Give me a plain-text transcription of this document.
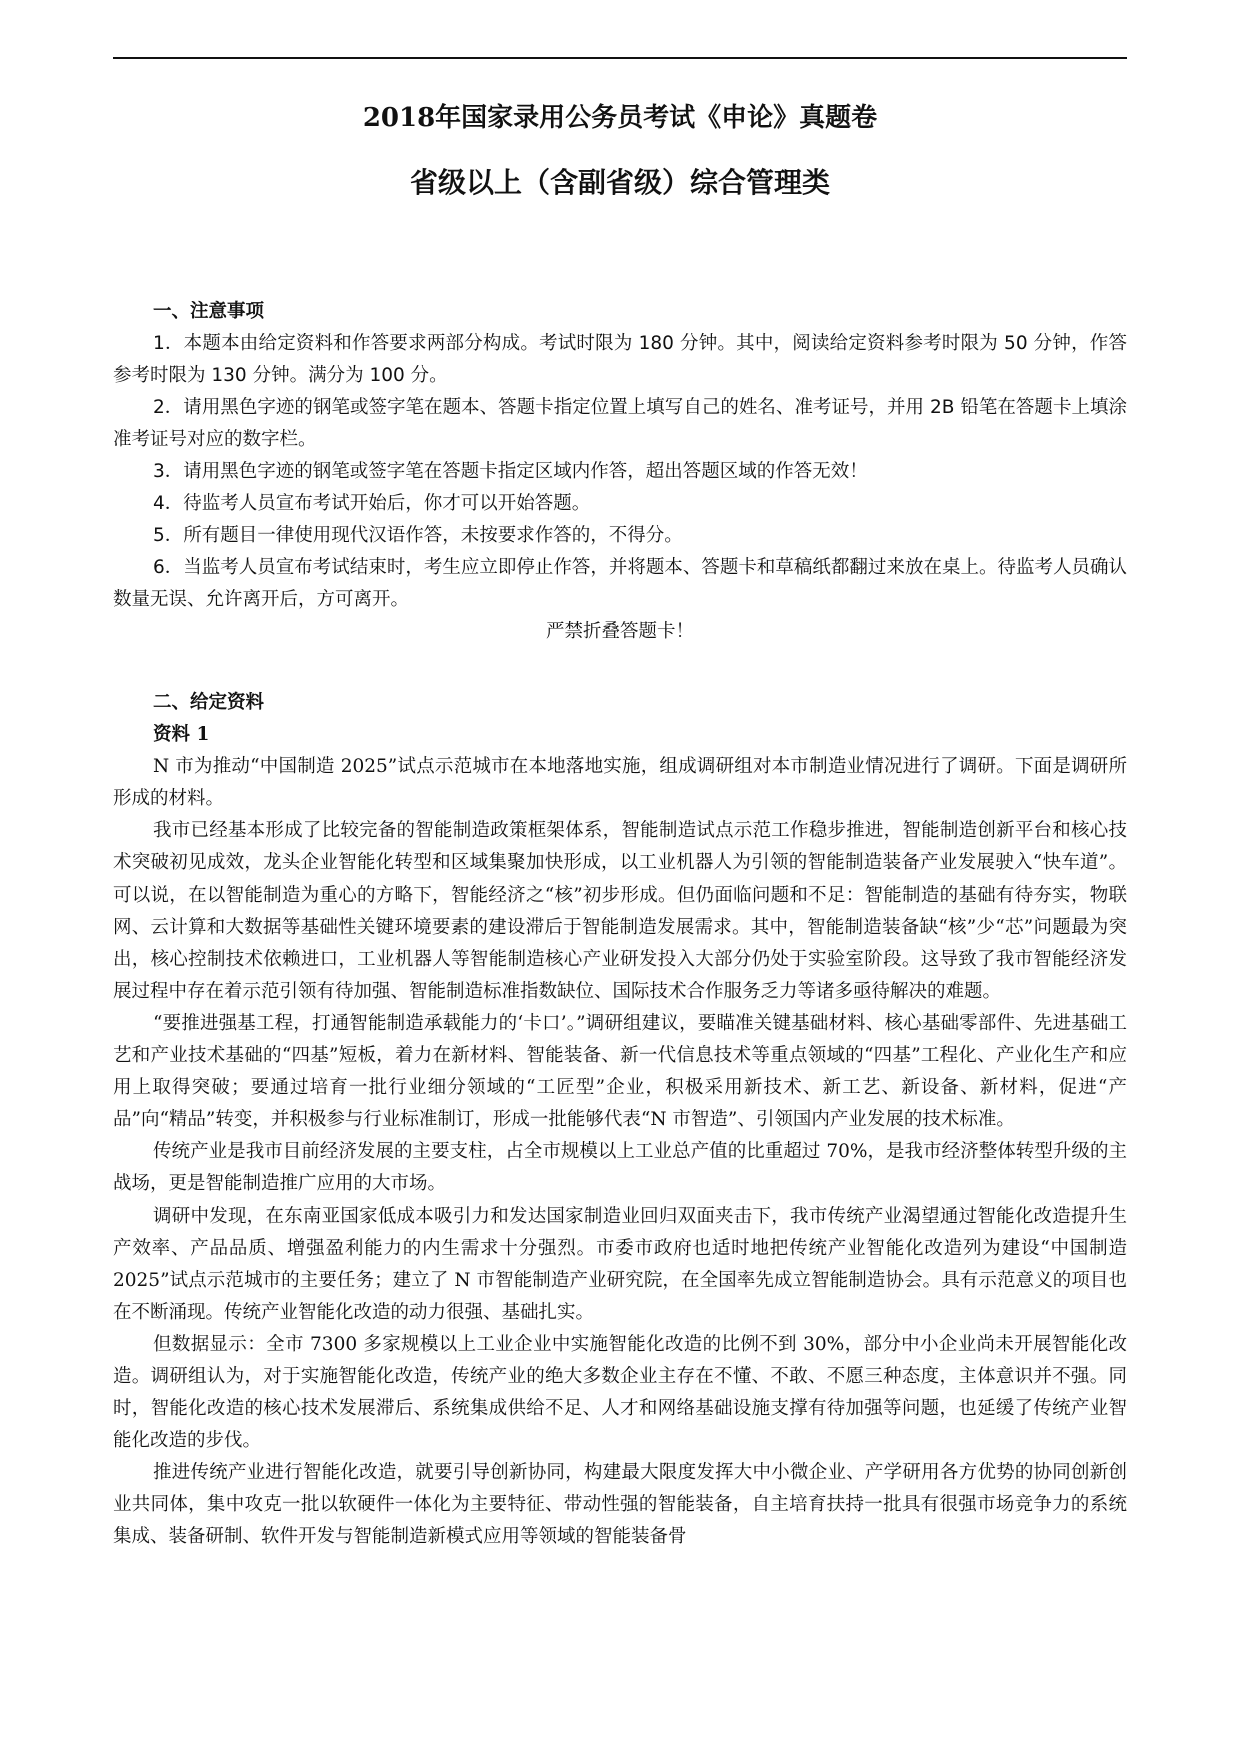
2018年国家录用公务员考试《申论》真题卷
省级以上（含副省级）综合管理类
一、注意事项

1．本题本由给定资料和作答要求两部分构成。考试时限为 180 分钟。其中，阅读给定资料参考时限为 50 分钟，作答参考时限为 130 分钟。满分为 100 分。

2．请用黑色字迹的钢笔或签字笔在题本、答题卡指定位置上填写自己的姓名、准考证号，并用 2B 铅笔在答题卡上填涂准考证号对应的数字栏。

3．请用黑色字迹的钢笔或签字笔在答题卡指定区域内作答，超出答题区域的作答无效！

4．待监考人员宣布考试开始后，你才可以开始答题。

5．所有题目一律使用现代汉语作答，未按要求作答的，不得分。

6．当监考人员宣布考试结束时，考生应立即停止作答，并将题本、答题卡和草稿纸都翻过来放在桌上。待监考人员确认数量无误、允许离开后，方可离开。

严禁折叠答题卡！

二、给定资料

资料 1

N 市为推动“中国制造 2025”试点示范城市在本地落地实施，组成调研组对本市制造业情况进行了调研。下面是调研所形成的材料。

我市已经基本形成了比较完备的智能制造政策框架体系，智能制造试点示范工作稳步推进，智能制造创新平台和核心技术突破初见成效，龙头企业智能化转型和区域集聚加快形成，以工业机器人为引领的智能制造装备产业发展驶入“快车道”。可以说，在以智能制造为重心的方略下，智能经济之“核”初步形成。但仍面临问题和不足：智能制造的基础有待夯实，物联网、云计算和大数据等基础性关键环境要素的建设滞后于智能制造发展需求。其中，智能制造装备缺“核”少“芯”问题最为突出，核心控制技术依赖进口，工业机器人等智能制造核心产业研发投入大部分仍处于实验室阶段。这导致了我市智能经济发展过程中存在着示范引领有待加强、智能制造标准指数缺位、国际技术合作服务乏力等诸多亟待解决的难题。

“要推进强基工程，打通智能制造承载能力的‘卡口’。”调研组建议，要瞄准关键基础材料、核心基础零部件、先进基础工艺和产业技术基础的“四基”短板，着力在新材料、智能装备、新一代信息技术等重点领域的“四基”工程化、产业化生产和应用上取得突破；要通过培育一批行业细分领域的“工匠型”企业，积极采用新技术、新工艺、新设备、新材料，促进“产品”向“精品”转变，并积极参与行业标准制订，形成一批能够代表“N 市智造”、引领国内产业发展的技术标准。

传统产业是我市目前经济发展的主要支柱，占全市规模以上工业总产值的比重超过 70%，是我市经济整体转型升级的主战场，更是智能制造推广应用的大市场。

调研中发现，在东南亚国家低成本吸引力和发达国家制造业回归双面夹击下，我市传统产业渴望通过智能化改造提升生产效率、产品品质、增强盈利能力的内生需求十分强烈。市委市政府也适时地把传统产业智能化改造列为建设“中国制造 2025”试点示范城市的主要任务；建立了 N 市智能制造产业研究院，在全国率先成立智能制造协会。具有示范意义的项目也在不断涌现。传统产业智能化改造的动力很强、基础扎实。

但数据显示：全市 7300 多家规模以上工业企业中实施智能化改造的比例不到 30%，部分中小企业尚未开展智能化改造。调研组认为，对于实施智能化改造，传统产业的绝大多数企业主存在不懂、不敢、不愿三种态度，主体意识并不强。同时，智能化改造的核心技术发展滞后、系统集成供给不足、人才和网络基础设施支撑有待加强等问题，也延缓了传统产业智能化改造的步伐。

推进传统产业进行智能化改造，就要引导创新协同，构建最大限度发挥大中小微企业、产学研用各方优势的协同创新创业共同体，集中攻克一批以软硬件一体化为主要特征、带动性强的智能装备，自主培育扶持一批具有很强市场竞争力的系统集成、装备研制、软件开发与智能制造新模式应用等领域的智能装备骨
